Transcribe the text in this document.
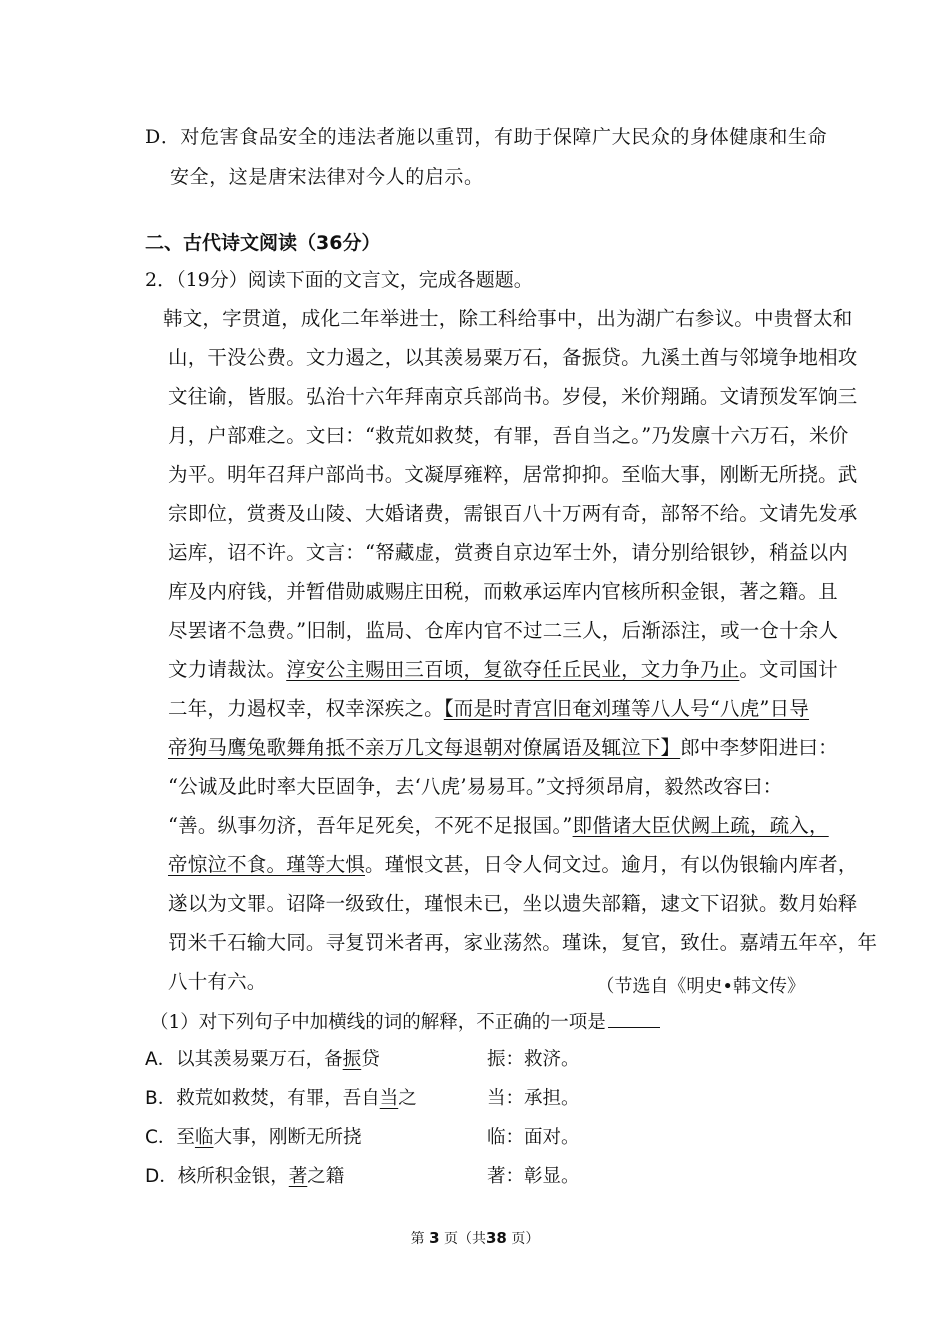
D．对危害食品安全的违法者施以重罚，有助于保障广大民众的身体健康和生命
安全，这是唐宋法律对今人的启示。
二、古代诗文阅读（36分）
2．（19分）阅读下面的文言文，完成各题题。
韩文，字贯道，成化二年举进士，除工科给事中，出为湖广右参议。中贵督太和
山，干没公费。文力遏之，以其羡易粟万石，备振贷。九溪土酋与邻境争地相攻
文往谕，皆服。弘治十六年拜南京兵部尚书。岁侵，米价翔踊。文请预发军饷三
月，户部难之。文曰：“救荒如救焚，有罪，吾自当之。”乃发廪十六万石，米价
为平。明年召拜户部尚书。文凝厚雍粹，居常抑抑。至临大事，刚断无所挠。武
宗即位，赏赉及山陵、大婚诸费，需银百八十万两有奇，部帑不给。文请先发承
运库，诏不许。文言：“帑藏虚，赏赉自京边军士外，请分别给银钞，稍益以内
库及内府钱，并暂借勋戚赐庄田税，而敕承运库内官核所积金银，著之籍。且
尽罢诸不急费。”旧制，监局、仓库内官不过二三人，后渐添注，或一仓十余人
文力请裁汰。淳安公主赐田三百顷，复欲夺任丘民业，文力争乃止。文司国计
二年，力遏权幸，权幸深疾之。【而是时青宫旧奄刘瑾等八人号“八虎”日导
帝狗马鹰兔歌舞角抵不亲万几文每退朝对僚属语及辄泣下】郎中李梦阳进曰：
“公诚及此时率大臣固争，去‘八虎’易易耳。”文捋须昂肩，毅然改容曰：
“善。纵事勿济，吾年足死矣，不死不足报国。”即偕诸大臣伏阙上疏，疏入，
帝惊泣不食。瑾等大惧。瑾恨文甚，日令人伺文过。逾月，有以伪银输内库者，
遂以为文罪。诏降一级致仕，瑾恨未已，坐以遗失部籍，逮文下诏狱。数月始释
罚米千石输大同。寻复罚米者再，家业荡然。瑾诛，复官，致仕。嘉靖五年卒，年
八十有六。	（节选自《明史•韩文传》
（1）对下列句子中加横线的词的解释，不正确的一项是
A．以其羡易粟万石，备振贷	振：救济。
B．救荒如救焚，有罪，吾自当之	当：承担。
C．至临大事，刚断无所挠	临：面对。
D．核所积金银，著之籍	著：彰显。
第 3 页（共38 页）
